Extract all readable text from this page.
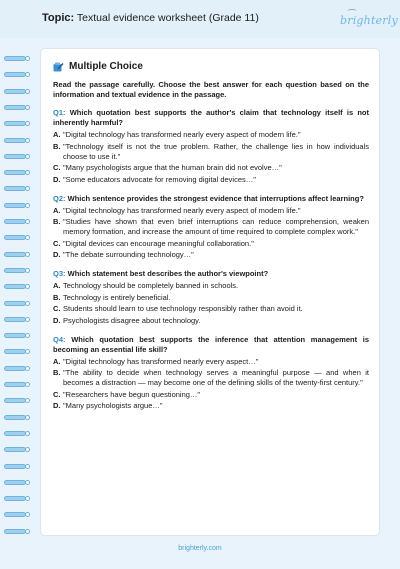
Topic: Textual evidence worksheet (Grade 11)	brighterly
Multiple Choice
Read the passage carefully. Choose the best answer for each question based on the information and textual evidence in the passage.
Q1: Which quotation best supports the author's claim that technology itself is not inherently harmful?
A. "Digital technology has transformed nearly every aspect of modern life."
B. "Technology itself is not the true problem. Rather, the challenge lies in how individuals choose to use it."
C. "Many psychologists argue that the human brain did not evolve…"
D. "Some educators advocate for removing digital devices…"
Q2: Which sentence provides the strongest evidence that interruptions affect learning?
A. "Digital technology has transformed nearly every aspect of modern life."
B. "Studies have shown that even brief interruptions can reduce comprehension, weaken memory formation, and increase the amount of time required to complete complex work."
C. "Digital devices can encourage meaningful collaboration."
D. "The debate surrounding technology…"
Q3: Which statement best describes the author's viewpoint?
A. Technology should be completely banned in schools.
B. Technology is entirely beneficial.
C. Students should learn to use technology responsibly rather than avoid it.
D. Psychologists disagree about technology.
Q4: Which quotation best supports the inference that attention management is becoming an essential life skill?
A. "Digital technology has transformed nearly every aspect…"
B. "The ability to decide when technology serves a meaningful purpose — and when it becomes a distraction — may become one of the defining skills of the twenty-first century."
C. "Researchers have begun questioning…"
D. "Many psychologists argue…"
brighterly.com
